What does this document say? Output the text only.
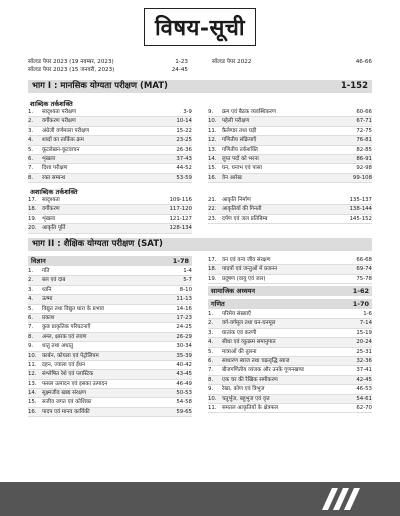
विषय-सूची
सॉल्व्ड पेपर 2023 (19 नवम्बर, 2023)	1-23
सॉल्व्ड पेपर 2023 (15 जनवरी, 2023)	24-45
सॉल्व्ड पेपर 2022	46-66
भाग I : मानसिक योग्यता परीक्षण (MAT)	1-152
शाब्दिक तर्कशक्ति
1.	सादृश्यता परीक्षण	3-9
2.	वर्गीकरण परीक्षण	10-14
3.	अंग्रेजी वर्णमाला परीक्षण	15-22
4.	शब्दों का तार्किक क्रम	23-25
5.	कूटलेखन-कूटवाचन	26-36
6.	शृंखला	37-43
7.	दिशा परीक्षण	44-52
8.	रक्त सम्बन्ध	53-59
9.	क्रम एवं बैठक व्यवस्थिकरण	60-66
10.	पहेली परीक्षण	67-71
11.	कैलेण्डर तथा घड़ी	72-75
12.	गणितीय संक्रियाएँ	76-81
13.	गणितीय तर्कशक्ति	82-85
14.	लुप्त पदों को भरना	86-91
15.	घन, घनाभ एवं पासा	92-98
16.	वेन आरेख	99-108
अशाब्दिक तर्कशक्ति
17.	सादृश्यता	109-116
18.	वर्गीकरण	117-120
19.	शृंखला	121-127
20.	आकृति पूर्ति	128-134
21.	आकृति निर्माण	135-137
22.	आकृतियों की गिनती	138-144
23.	दर्पण एवं जल प्रतिबिम्ब	145-152
भाग II : शैक्षिक योग्यता परीक्षण (SAT)
विज्ञान	1-78
1.	गति	1-4
2.	बल एवं दाब	5-7
3.	ध्वनि	8-10
4.	ऊष्मा	11-13
5.	विद्युत तथा विद्युत धारा के प्रभाव	14-16
6.	प्रकाश	17-23
7.	कुछ प्राकृतिक परिघटनाएँ	24-25
8.	अम्ल, क्षारक एवं लवण	26-29
9.	धातु तथा अधातु	30-34
10.	कार्बन, कोयला एवं पेट्रोलियम	35-39
11.	दहन, ज्वाला एवं ईंधन	40-42
12.	संश्लेषित रेशे एवं प्लास्टिक	43-45
13.	फसल उत्पादन एवं इसका उत्पादन	46-49
14.	सूक्ष्मजीव खाद्य संरक्षण	50-53
15.	सजीव जगत एवं कोशिका	54-58
16.	पादप एवं मानव कार्यिकी	59-65
17.	वन एवं वन्य जीव संरक्षण	66-68
18.	पादपों एवं जन्तुओं में प्रजनन	69-74
19.	प्रदूषण (वायु एवं जल)	75-78
सामाजिक अध्ययन	1-62
गणित	1-70
1.	परिमेय संख्याएँ	1-6
2.	वर्ग-वर्गमूल तथा घन-घनमूल	7-14
3.	घातांक एवं करणी	15-19
4.	सीधा एवं व्युत्क्रम समानुपात	20-24
5.	मात्राओं की तुलना	25-31
6.	साधारण ब्याज तथा चक्रवृद्धि ब्याज	32-36
7.	बीजगणितीय व्यंजक और उनके गुणनखण्ड	37-41
8.	एक चर की रैखिक समीकरण	42-45
9.	रेखा, कोण एवं त्रिभुज	46-53
10.	चतुर्भुज, बहुभुज एवं वृत्त	54-61
11.	समतल आकृतियों के क्षेत्रफल	62-70
